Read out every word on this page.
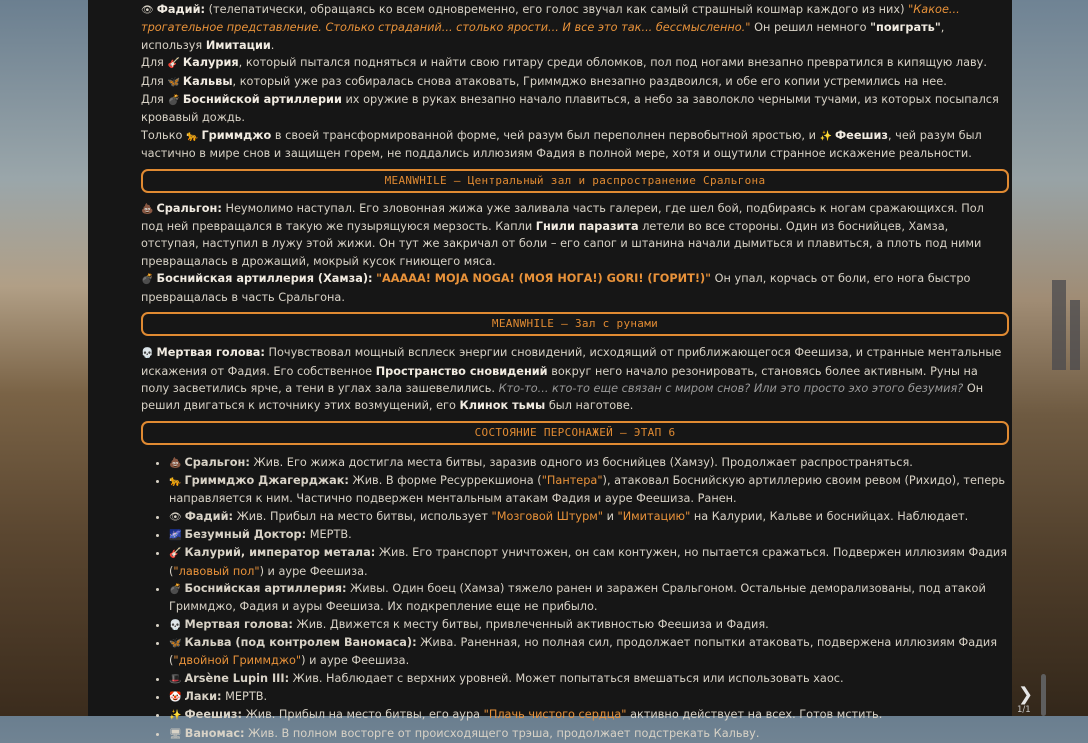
👁 Фадий: (телепатически, обращаясь ко всем одновременно, его голос звучал как самый страшный кошмар каждого из них) "Какое... трогательное представление. Столько страданий... столько ярости... И все это так... бессмысленно." Он решил немного "поиграть", используя Имитации.

Для 🎸 Калурия, который пытался подняться и найти свою гитару среди обломков, пол под ногами внезапно превратился в кипящую лаву.

Для 🦋 Кальвы, который уже раз собиралась снова атаковать, Гриммджо внезапно раздвоился, и обе его копии устремились на нее.

Для 💣 Боснийской артиллерии их оружие в руках внезапно начало плавиться, а небо за заволокло черными тучами, из которых посыпался кровавый дождь.

Только 🐆 Гриммджо в своей трансформированной форме, чей разум был переполнен первобытной яростью, и ✨ Феешиз, чей разум был частично в мире снов и защищен горем, не поддались иллюзиям Фадия в полной мере, хотя и ощутили странное искажение реальности.

MEANWHILE – Центральный зал и распространение Сральгона

💩 Сральгон: Неумолимо наступал. Его зловонная жижа уже заливала часть галереи, где шел бой, подбираясь к ногам сражающихся. Пол под ней превращался в такую же пузырящуюся мерзость. Капли Гнили паразита летели во все стороны. Один из боснийцев, Хамза, отступая, наступил в лужу этой жижи. Он тут же закричал от боли – его сапог и штанина начали дымиться и плавиться, а плоть под ними превращалась в дрожащий, мокрый кусок гниющего мяса.

💣 Боснийская артиллерия (Хамза): "AAAAA! MOJA NOGA! (МОЯ НОГА!) GORI! (ГОРИТ!)" Он упал, корчась от боли, его нога быстро превращалась в часть Сральгона.

MEANWHILE – Зал с рунами

💀 Мертвая голова: Почувствовал мощный всплеск энергии сновидений, исходящий от приближающегося Феешиза, и странные ментальные искажения от Фадия. Его собственное Пространство сновидений вокруг него начало резонировать, становясь более активным. Руны на полу засветились ярче, а тени в углах зала зашевелились. Кто-то... кто-то еще связан с миром снов? Или это просто эхо этого безумия? Он решил двигаться к источнику этих возмущений, его Клинок тьмы был наготове.

СОСТОЯНИЕ ПЕРСОНАЖЕЙ – ЭТАП 6
• 💩 Сральгон: Жив. Его жижа достигла места битвы, заразив одного из боснийцев (Хамзу). Продолжает распространяться.
• 🐆 Гриммджо Джагерджак: Жив. В форме Ресуррекшиона ("Пантера"), атаковал Боснийскую артиллерию своим ревом (Рихидо), теперь направляется к ним. Частично подвержен ментальным атакам Фадия и ауре Феешиза. Ранен.
• 👁 Фадий: Жив. Прибыл на место битвы, использует "Мозговой Штурм" и "Имитацию" на Калурии, Кальве и боснийцах. Наблюдает.
• 🌌 Безумный Доктор: МЕРТВ.
• 🎸 Калурий, император метала: Жив. Его транспорт уничтожен, он сам контужен, но пытается сражаться. Подвержен иллюзиям Фадия ("лавовый пол") и ауре Феешиза.
• 💣 Боснийская артиллерия: Живы. Один боец (Хамза) тяжело ранен и заражен Сральгоном. Остальные деморализованы, под атакой Гриммджо, Фадия и ауры Феешиза. Их подкрепление еще не прибыло.
• 💀 Мертвая голова: Жив. Движется к месту битвы, привлеченный активностью Феешиза и Фадия.
• 🦋 Кальва (под контролем Ваномаса): Жива. Раненная, но полная сил, продолжает попытки атаковать, подвержена иллюзиям Фадия ("двойной Гриммджо") и ауре Феешиза.
• 🎩 Arsène Lupin III: Жив. Наблюдает с верхних уровней. Может попытаться вмешаться или использовать хаос.
• 🤡 Лаки: МЕРТВ.
• ✨ Феешиз: Жив. Прибыл на место битвы, его аура "Плачь чистого сердца" активно действует на всех. Готов мстить.
• 🖥 Ваномас: Жив. В полном восторге от происходящего трэша, продолжает подстрекать Кальву.
❯
1/1
